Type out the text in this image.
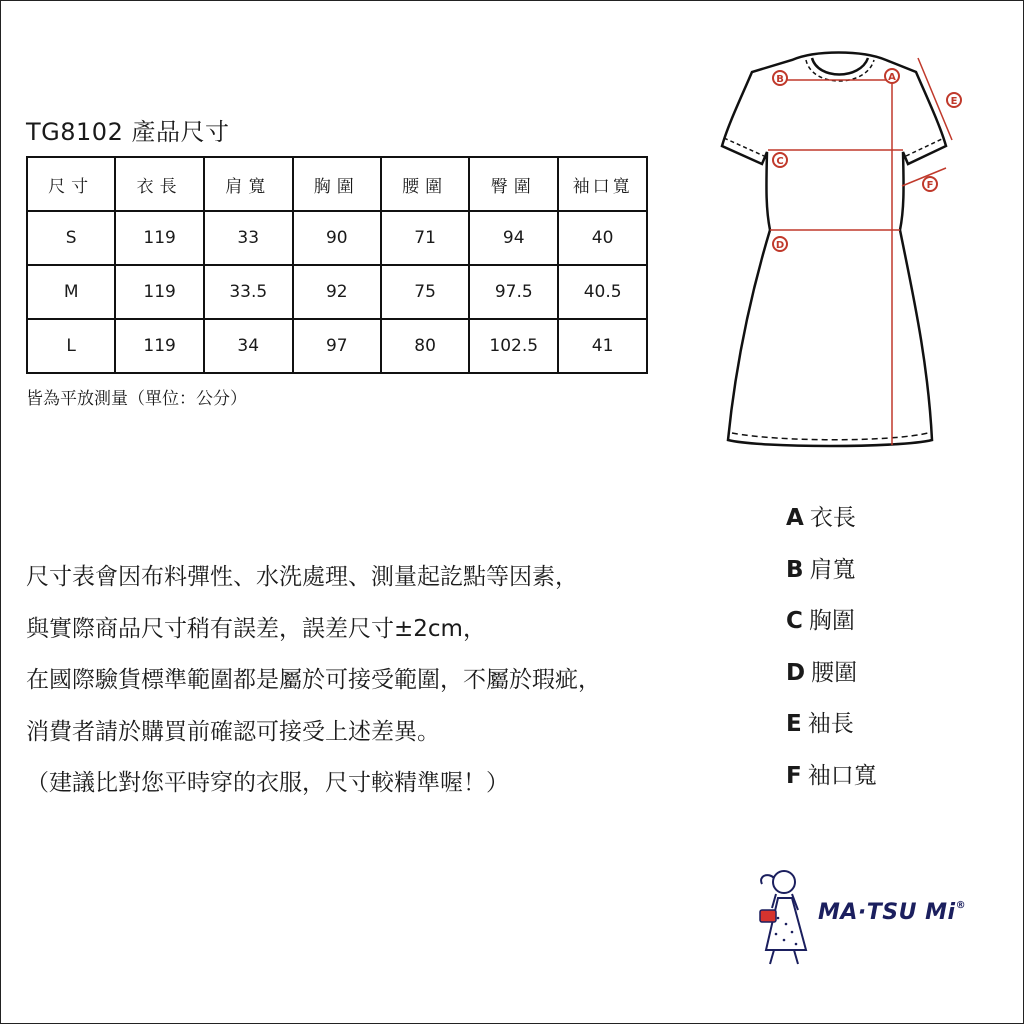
TG8102 產品尺寸
尺寸	衣長	肩寬	胸圍	腰圍	臀圍	袖口寬
S	119	33	90	71	94	40
M	119	33.5	92	75	97.5	40.5
L	119	34	97	80	102.5	41
皆為平放測量（單位：公分）
A
B
C
D
E
F
尺寸表會因布料彈性、水洗處理、測量起訖點等因素，
與實際商品尺寸稍有誤差，誤差尺寸±2cm，
在國際驗貨標準範圍都是屬於可接受範圍，不屬於瑕疵，
消費者請於購買前確認可接受上述差異。
（建議比對您平時穿的衣服，尺寸較精準喔！）
A 衣長
B 肩寬
C 胸圍
D 腰圍
E 袖長
F 袖口寬
MA·TSU Mi®
